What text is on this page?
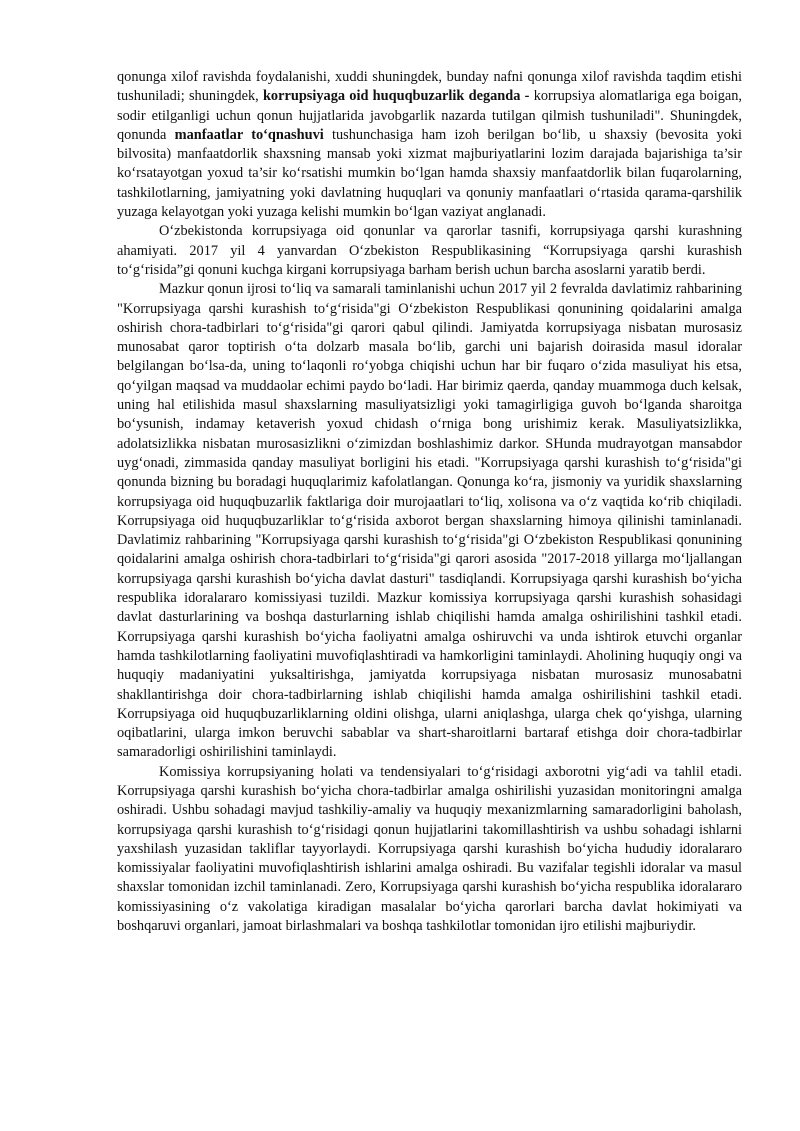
qonunga xilof ravishda foydalanishi, xuddi shuningdek, bunday nafni qonunga xilof ravishda taqdim etishi tushuniladi; shuningdek, korrupsiyaga oid huquqbuzarlik deganda - korrupsiya alomatlariga ega boigan, sodir etilganligi uchun qonun hujjatlarida javobgarlik nazarda tutilgan qilmish tushuniladi". Shuningdek, qonunda manfaatlar to‘qnashuvi tushunchasiga ham izoh berilgan bo‘lib, u shaxsiy (bevosita yoki bilvosita) manfaatdorlik shaxsning mansab yoki xizmat majburiyatlarini lozim darajada bajarishiga ta’sir ko‘rsatayotgan yoxud ta’sir ko‘rsatishi mumkin bo‘lgan hamda shaxsiy manfaatdorlik bilan fuqarolarning, tashkilotlarning, jamiyatning yoki davlatning huquqlari va qonuniy manfaatlari o‘rtasida qarama-qarshilik yuzaga kelayotgan yoki yuzaga kelishi mumkin bo‘lgan vaziyat anglanadi.

O‘zbekistonda korrupsiyaga oid qonunlar va qarorlar tasnifi, korrupsiyaga qarshi kurashning ahamiyati. 2017 yil 4 yanvardan O‘zbekiston Respublikasining “Korrupsiyaga qarshi kurashish to‘g‘risida”gi qonuni kuchga kirgani korrupsiyaga barham berish uchun barcha asoslarni yaratib berdi.

Mazkur qonun ijrosi to‘liq va samarali taminlanishi uchun 2017 yil 2 fevralda davlatimiz rahbarining "Korrupsiyaga qarshi kurashish to‘g‘risida"gi O‘zbekiston Respublikasi qonunining qoidalarini amalga oshirish chora-tadbirlari to‘g‘risida"gi qarori qabul qilindi. Jamiyatda korrupsiyaga nisbatan murosasiz munosabat qaror toptirish o‘ta dolzarb masala bo‘lib, garchi uni bajarish doirasida masul idoralar belgilangan bo‘lsa-da, uning to‘laqonli ro‘yobga chiqishi uchun har bir fuqaro o‘zida masuliyat his etsa, qo‘yilgan maqsad va muddaolar echimi paydo bo‘ladi. Har birimiz qaerda, qanday muammoga duch kelsak, uning hal etilishida masul shaxslarning masuliyatsizligi yoki tamagirligiga guvoh bo‘lganda sharoitga bo‘ysunish, indamay ketaverish yoxud chidash o‘rniga bong urishimiz kerak. Masuliyatsizlikka, adolatsizlikka nisbatan murosasizlikni o‘zimizdan boshlashimiz darkor. SHunda mudrayotgan mansabdor uyg‘onadi, zimmasida qanday masuliyat borligini his etadi. "Korrupsiyaga qarshi kurashish to‘g‘risida"gi qonunda bizning bu boradagi huquqlarimiz kafolatlangan. Qonunga ko‘ra, jismoniy va yuridik shaxslarning korrupsiyaga oid huquqbuzarlik faktlariga doir murojaatlari to‘liq, xolisona va o‘z vaqtida ko‘rib chiqiladi. Korrupsiyaga oid huquqbuzarliklar to‘g‘risida axborot bergan shaxslarning himoya qilinishi taminlanadi. Davlatimiz rahbarining "Korrupsiyaga qarshi kurashish to‘g‘risida"gi O‘zbekiston Respublikasi qonunining qoidalarini amalga oshirish chora-tadbirlari to‘g‘risida"gi qarori asosida "2017-2018 yillarga mo‘ljallangan korrupsiyaga qarshi kurashish bo‘yicha davlat dasturi" tasdiqlandi. Korrupsiyaga qarshi kurashish bo‘yicha respublika idoralararo komissiyasi tuzildi. Mazkur komissiya korrupsiyaga qarshi kurashish sohasidagi davlat dasturlarining va boshqa dasturlarning ishlab chiqilishi hamda amalga oshirilishini tashkil etadi. Korrupsiyaga qarshi kurashish bo‘yicha faoliyatni amalga oshiruvchi va unda ishtirok etuvchi organlar hamda tashkilotlarning faoliyatini muvofiqlashtiradi va hamkorligini taminlaydi. Aholining huquqiy ongi va huquqiy madaniyatini yuksaltirishga, jamiyatda korrupsiyaga nisbatan murosasiz munosabatni shakllantirishga doir chora-tadbirlarning ishlab chiqilishi hamda amalga oshirilishini tashkil etadi. Korrupsiyaga oid huquqbuzarliklarning oldini olishga, ularni aniqlashga, ularga chek qo‘yishga, ularning oqibatlarini, ularga imkon beruvchi sabablar va shart-sharoitlarni bartaraf etishga doir chora-tadbirlar samaradorligi oshirilishini taminlaydi.

Komissiya korrupsiyaning holati va tendensiyalari to‘g‘risidagi axborotni yig‘adi va tahlil etadi. Korrupsiyaga qarshi kurashish bo‘yicha chora-tadbirlar amalga oshirilishi yuzasidan monitoringni amalga oshiradi. Ushbu sohadagi mavjud tashkiliy-amaliy va huquqiy mexanizmlarning samaradorligini baholash, korrupsiyaga qarshi kurashish to‘g‘risidagi qonun hujjatlarini takomillashtirish va ushbu sohadagi ishlarni yaxshilash yuzasidan takliflar tayyorlaydi. Korrupsiyaga qarshi kurashish bo‘yicha hududiy idoralararo komissiyalar faoliyatini muvofiqlashtirish ishlarini amalga oshiradi. Bu vazifalar tegishli idoralar va masul shaxslar tomonidan izchil taminlanadi. Zero, Korrupsiyaga qarshi kurashish bo‘yicha respublika idoralararo komissiyasining o‘z vakolatiga kiradigan masalalar bo‘yicha qarorlari barcha davlat hokimiyati va boshqaruvi organlari, jamoat birlashmalari va boshqa tashkilotlar tomonidan ijro etilishi majburiydir.
